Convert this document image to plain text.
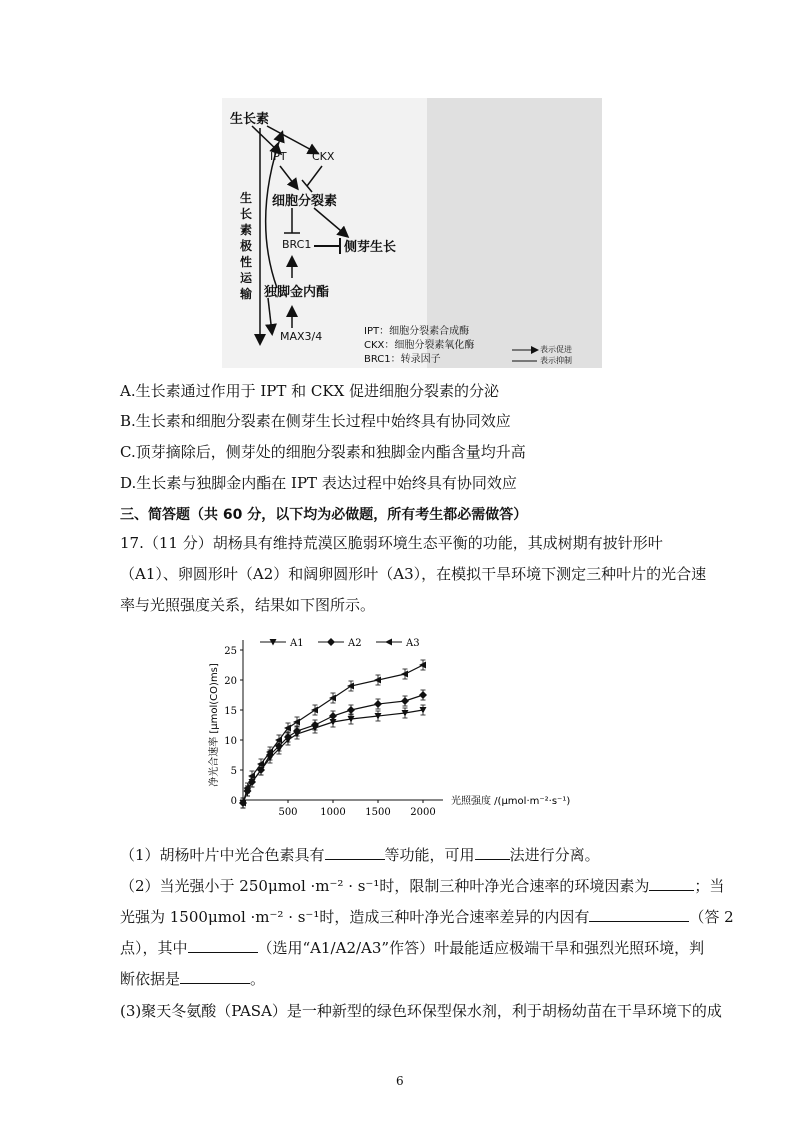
生长素
IPT CKX
细胞分裂素
BRC1	侧芽生长
独脚金内酯
MAX3/4
生长素极性运输
IPT：细胞分裂素合成酶
CKX：细胞分裂素氧化酶
BRC1：转录因子
表示促进
表示抑制
A.生长素通过作用于 IPT 和 CKX 促进细胞分裂素的分泌
B.生长素和细胞分裂素在侧芽生长过程中始终具有协同效应
C.顶芽摘除后，侧芽处的细胞分裂素和独脚金内酯含量均升高
D.生长素与独脚金内酯在 IPT 表达过程中始终具有协同效应
三、简答题（共 60 分，以下均为必做题，所有考生都必需做答）
17.（11 分）胡杨具有维持荒漠区脆弱环境生态平衡的功能，其成树期有披针形叶
（A1）、卵圆形叶（A2）和阔卵圆形叶（A3），在模拟干旱环境下测定三种叶片的光合速
率与光照强度关系，结果如下图所示。
0
5
10
15
20
25
500 1000 1500 2000
光照强度 /(μmol·m⁻²·s⁻¹)
净光合速率 [μmol(CO)ms]
A1	A2	A3
（1）胡杨叶片中光合色素具有	等功能，可用 法进行分离。
（2）当光强小于 250μmol ·m⁻² · s⁻¹时，限制三种叶净光合速率的环境因素为	；当
光强为 1500μmol ·m⁻² · s⁻¹时，造成三种叶净光合速率差异的内因有	（答 2
点），其中	（选用“A1/A2/A3”作答）叶最能适应极端干旱和强烈光照环境，判
断依据是	。
(3)聚天冬氨酸（PASA）是一种新型的绿色环保型保水剂，利于胡杨幼苗在干旱环境下的成
6
